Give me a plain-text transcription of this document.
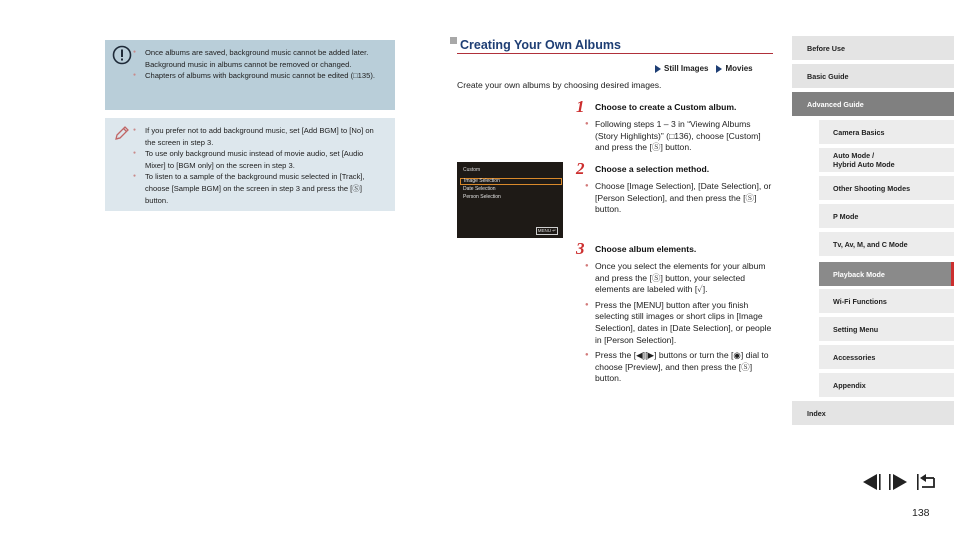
● Once albums are saved, background music cannot be added later. Background music in albums cannot be removed or changed.
● Chapters of albums with background music cannot be edited (□135).
● If you prefer not to add background music, set [Add BGM] to [No] on the screen in step 3.
● To use only background music instead of movie audio, set [Audio Mixer] to [BGM only] on the screen in step 3.
● To listen to a sample of the background music selected in [Track], choose [Sample BGM] on the screen in step 3 and press the [Ⓢ] button.
Creating Your Own Albums
Still Images Movies
Create your own albums by choosing desired images.
1 Choose to create a Custom album.

● Following steps 1 – 3 in “Viewing Albums (Story Highlights)” (□136), choose [Custom] and press the [Ⓢ] button.

Custom
Image Selection
Date Selection
Person Selection
MENU ↵
2 Choose a selection method.

● Choose [Image Selection], [Date Selection], or [Person Selection], and then press the [Ⓢ] button.

3 Choose album elements.

● Once you select the elements for your album and press the [Ⓢ] button, your selected elements are labeled with [✓].

● Press the [MENU] button after you finish selecting still images or short clips in [Image Selection], dates in [Date Selection], or people in [Person Selection].

● Press the [◀][▶] buttons or turn the [◉] dial to choose [Preview], and then press the [Ⓢ] button.

Before Use
Basic Guide
Advanced Guide
Camera Basics
Auto Mode /
Hybrid Auto Mode
Other Shooting Modes
P Mode
Tv, Av, M, and C Mode
Playback Mode
Wi-Fi Functions
Setting Menu
Accessories
Appendix
Index
138
